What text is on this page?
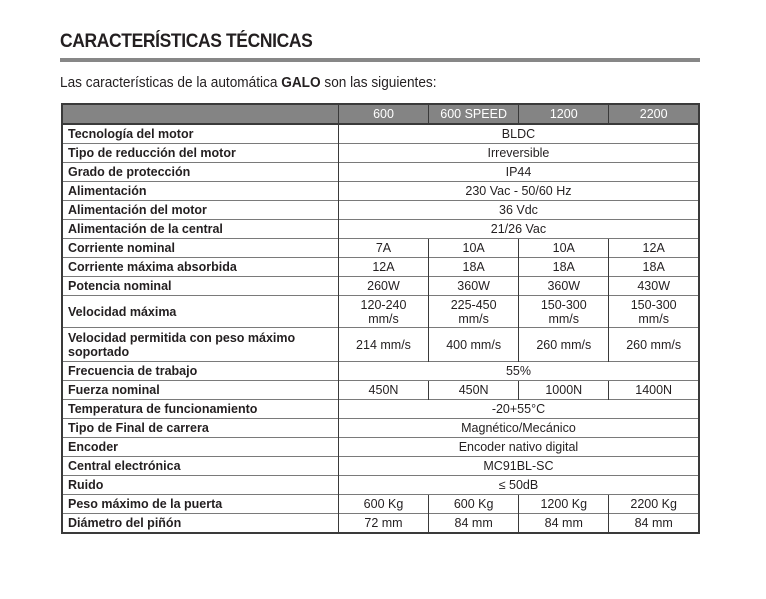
CARACTERÍSTICAS TÉCNICAS

Las características de la automática GALO son las siguientes:

	600	600 SPEED	1200	2200
Tecnología del motor	BLDC			
Tipo de reducción del motor	Irreversible			
Grado de protección	IP44			
Alimentación	230 Vac - 50/60 Hz			
Alimentación del motor	36 Vdc			
Alimentación de la central	21/26 Vac			
Corriente nominal	7A	10A	10A	12A
Corriente máxima absorbida	12A	18A	18A	18A
Potencia nominal	260W	360W	360W	430W
Velocidad máxima	120-240 mm/s	225-450 mm/s	150-300 mm/s	150-300 mm/s
Velocidad permitida con peso máximo soportado	214 mm/s	400 mm/s	260 mm/s	260 mm/s
Frecuencia de trabajo	55%			
Fuerza nominal	450N	450N	1000N	1400N
Temperatura de funcionamiento	-20+55°C			
Tipo de Final de carrera	Magnético/Mecánico			
Encoder	Encoder nativo digital			
Central electrónica	MC91BL-SC			
Ruido	≤ 50dB			
Peso máximo de la puerta	600 Kg	600 Kg	1200 Kg	2200 Kg
Diámetro del piñón	72 mm	84 mm	84 mm	84 mm
